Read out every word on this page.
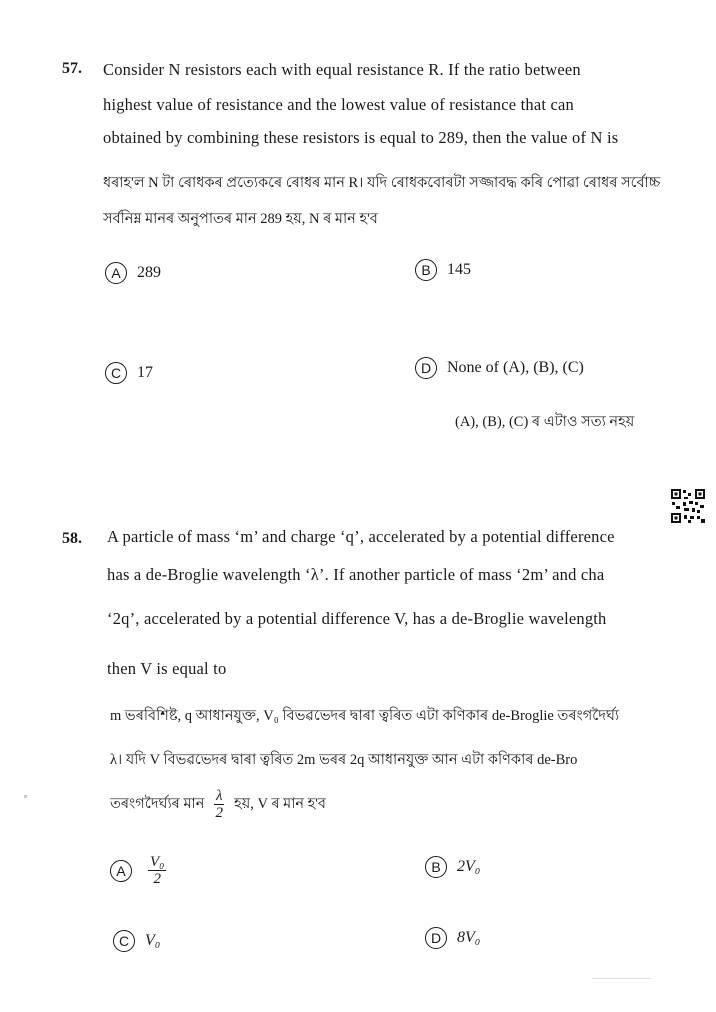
57. Consider N resistors each with equal resistance R. If the ratio between
highest value of resistance and the lowest value of resistance that can
obtained by combining these resistors is equal to 289, then the value of N is
ধৰাহ'ল N টা ৰোধকৰ প্ৰত্যেকৰে ৰোধৰ মান R। যদি ৰোধকবোৰটা সজ্জাবদ্ধ কৰি পোৱা ৰোধৰ সৰ্বোচ্চ
সৰ্বনিম্ন মানৰ অনুপাতৰ মান 289 হয়, N ৰ মান হ'ব
A 289	B 145
C 17	D None of (A), (B), (C)
(A), (B), (C) ৰ এটাও সত্য নহয়
58. A particle of mass ‘m’ and charge ‘q’, accelerated by a potential difference
has a de-Broglie wavelength ‘λ’. If another particle of mass ‘2m’ and cha
‘2q’, accelerated by a potential difference V, has a de-Broglie wavelength
then V is equal to
m ভৰবিশিষ্ট, q আধানযুক্ত, V₀ বিভৱভেদৰ দ্বাৰা ত্বৰিত এটা কণিকাৰ de-Broglie তৰংগদৈৰ্ঘ্য
λ। যদি V বিভৱভেদৰ দ্বাৰা ত্বৰিত 2m ভৰৰ 2q আধানযুক্ত আন এটা কণিকাৰ de-Bro
তৰংগদৈৰ্ঘ্যৰ মান $\frac{\lambda}{2}$ হয়, V ৰ মান হ'ব
A $\frac{\text{V₀}}{2}$	B 2V₀
C V₀	D 8V₀
